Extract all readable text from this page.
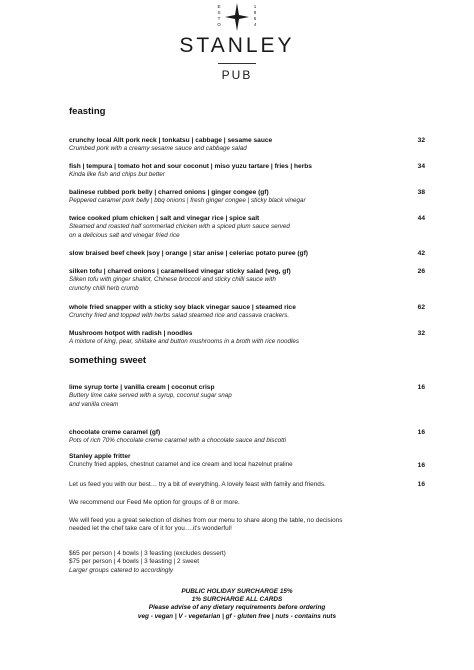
E
S
T
O
1
8
5
4
STANLEY
PUB
feasting
crunchy local Allt pork neck | tonkatsu | cabbage | sesame sauce
Crumbed pork with a creamy sesame sauce and cabbage salad
32
fish | tempura | tomato hot and sour coconut | miso yuzu tartare | fries | herbs
Kinda like fish and chips but better
34
balinese rubbed pork belly | charred onions | ginger congee (gf)
Peppered caramel pork belly | bbq onions | fresh ginger congee | sticky black vinegar
38
twice cooked plum chicken | salt and vinegar rice | spice salt
Steamed and roasted half sommerlad chicken with a spiced plum sauce served
on a delicious salt and vinegar fried rice
44
slow braised beef cheek |soy | orange | star anise | celeriac potato puree (gf)	42
silken tofu | charred onions | caramelised vinegar sticky salad (veg, gf)
Silken tofu with ginger shallot, Chinese broccoli and sticky chilli sauce with
crunchy chilli herb crumb
26
whole fried snapper with a sticky soy black vinegar sauce | steamed rice
Crunchy fried and topped with herbs salad steamed rice and cassava crackers.
62
Mushroom hotpot with radish | noodles
A mixture of king, pear, shiitake and button mushrooms in a broth with rice noodles
32
something sweet
lime syrup torte | vanilla cream | coconut crisp
Buttery lime cake served with a syrup, coconut sugar snap
and vanilla cream
16
chocolate creme caramel (gf)
Pots of rich 70% chocolate creme caramel with a chocolate sauce and biscotti
16
Stanley apple fritter
Crunchy fried apples, chestnut caramel and ice cream and local hazelnut praline	16
Let us feed you with our best… try a bit of everything. A lovely feast with family and friends.	16
We recommend our Feed Me option for groups of 8 or more.
We will feed you a great selection of dishes from our menu to share along the table, no decisions
needed let the chef take care of it for you….it's wonderful!
$65 per person | 4 bowls | 3 feasting (excludes dessert)
$75 per person | 4 bowls | 3 feasting | 2 sweet
Larger groups catered to accordingly
PUBLIC HOLIDAY SURCHARGE 15%
1% SURCHARGE ALL CARDS
Please advise of any dietary requirements before ordering
veg - vegan | V - vegetarian | gf - gluten free | nuts - contains nuts
